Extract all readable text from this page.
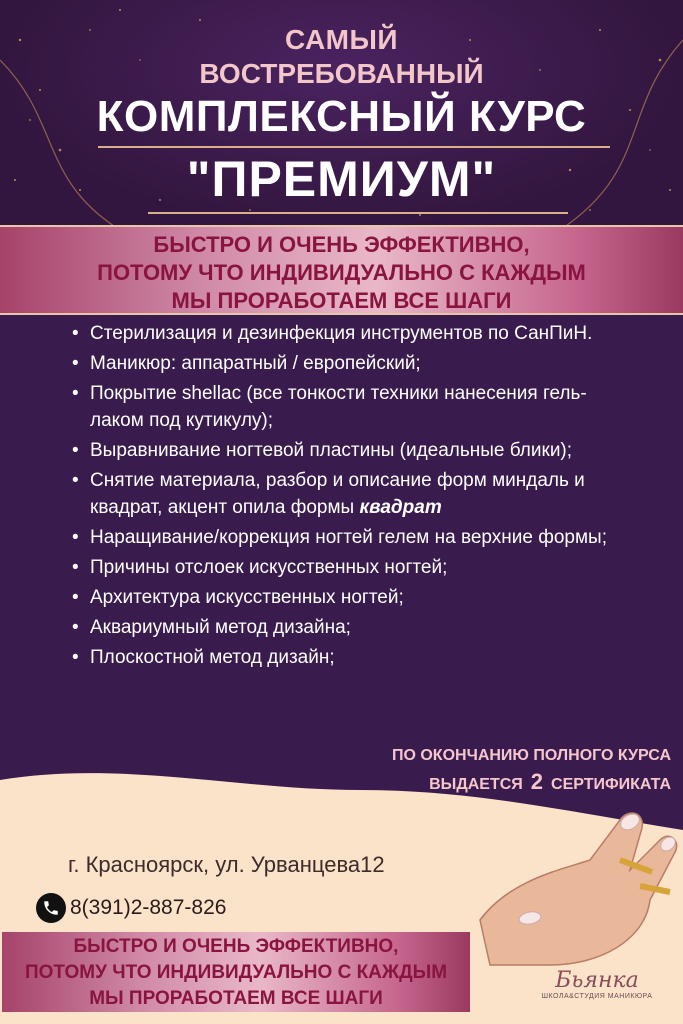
САМЫЙ
ВОСТРЕБОВАННЫЙ
КОМПЛЕКСНЫЙ КУРС
"ПРЕМИУМ"
БЫСТРО И ОЧЕНЬ ЭФФЕКТИВНО,
ПОТОМУ ЧТО ИНДИВИДУАЛЬНО С КАЖДЫМ
МЫ ПРОРАБОТАЕМ ВСЕ ШАГИ
• Стерилизация и дезинфекция инструментов по СанПиН.
• Маникюр: аппаратный / европейский;
• Покрытие shellac (все тонкости техники нанесения гель-лаком под кутикулу);
• Выравнивание ногтевой пластины (идеальные блики);
• Снятие материала, разбор и описание форм миндаль и квадрат, акцент опила формы квадрат
• Наращивание/коррекция ногтей гелем на верхние формы;
• Причины отслоек искусственных ногтей;
• Архитектура искусственных ногтей;
• Аквариумный метод дизайна;
• Плоскостной метод дизайн;
ПО ОКОНЧАНИЮ ПОЛНОГО КУРСА
ВЫДАЕТСЯ 2 СЕРТИФИКАТА
г. Красноярск, ул. Урванцева12
8(391)2-887-826
БЫСТРО И ОЧЕНЬ ЭФФЕКТИВНО,
ПОТОМУ ЧТО ИНДИВИДУАЛЬНО С КАЖДЫМ
МЫ ПРОРАБОТАЕМ ВСЕ ШАГИ
Бьянка
ШКОЛА&СТУДИЯ МАНИКЮРА
